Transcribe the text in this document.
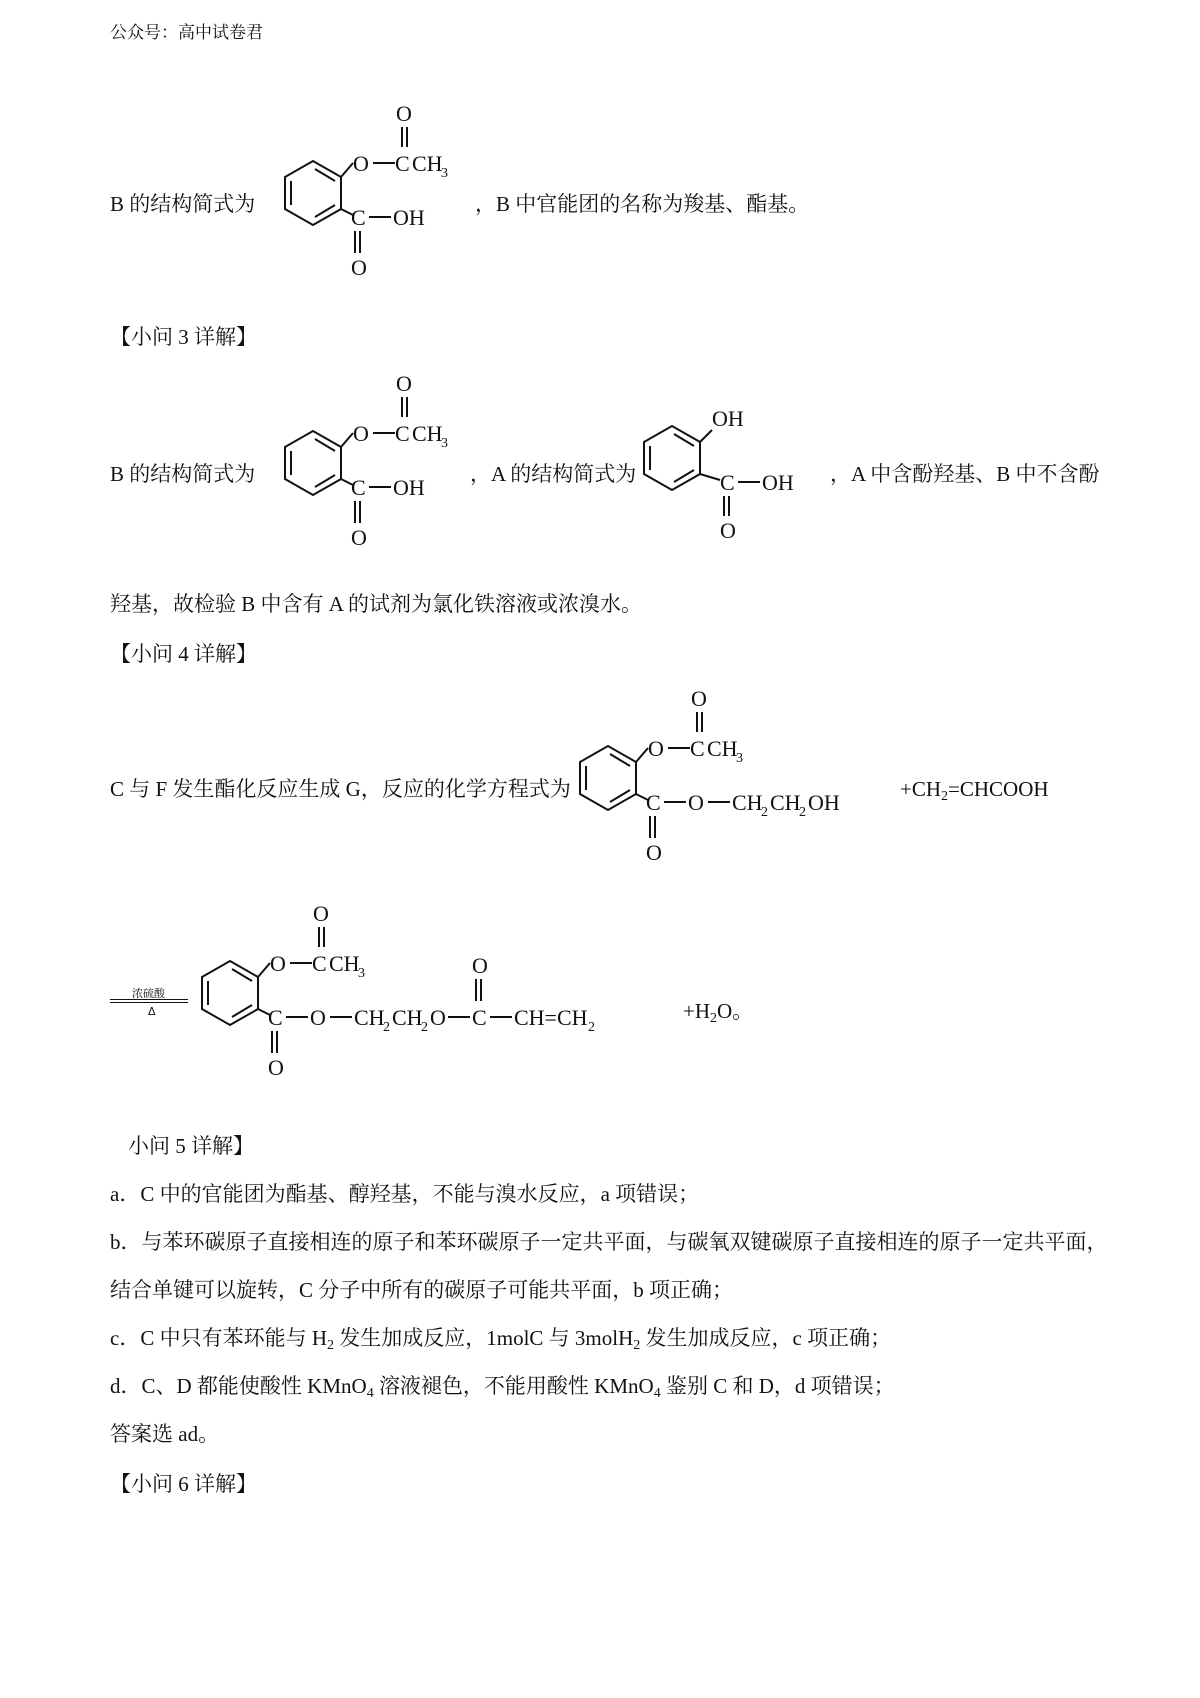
公众号：高中试卷君
B 的结构简式为
O C CH
3
O
C OH
O
，B 中官能团的名称为羧基、酯基。
【小问 3 详解】
B 的结构简式为
O C CH
3
O
C OH
O
，A 的结构简式为
OH
C OH
O
，A 中含酚羟基、B 中不含酚
羟基，故检验 B 中含有 A 的试剂为氯化铁溶液或浓溴水。
【小问 4 详解】
C 与 F 发生酯化反应生成 G，反应的化学方程式为
O C CH
3
O
C O CH
2 CH
2 OH
O
$+CH_2=CHCOOH$
浓硫酸
Δ
O C CH
3
O
C O CH
2 CH
2 O C CH=CH 2
O
O
$+H_2O$。
小问 5 详解】
a．C 中的官能团为酯基、醇羟基，不能与溴水反应，a 项错误；
b．与苯环碳原子直接相连的原子和苯环碳原子一定共平面，与碳氧双键碳原子直接相连的原子一定共平面，
结合单键可以旋转，C 分子中所有的碳原子可能共平面，b 项正确；
c．C 中只有苯环能与 $H_2$ 发生加成反应，1molC 与 3molH$_2$ 发生加成反应，c 项正确；
d．C、D 都能使酸性 KMnO$_4$ 溶液褪色，不能用酸性 KMnO$_4$ 鉴别 C 和 D，d 项错误；
答案选 ad。
【小问 6 详解】
